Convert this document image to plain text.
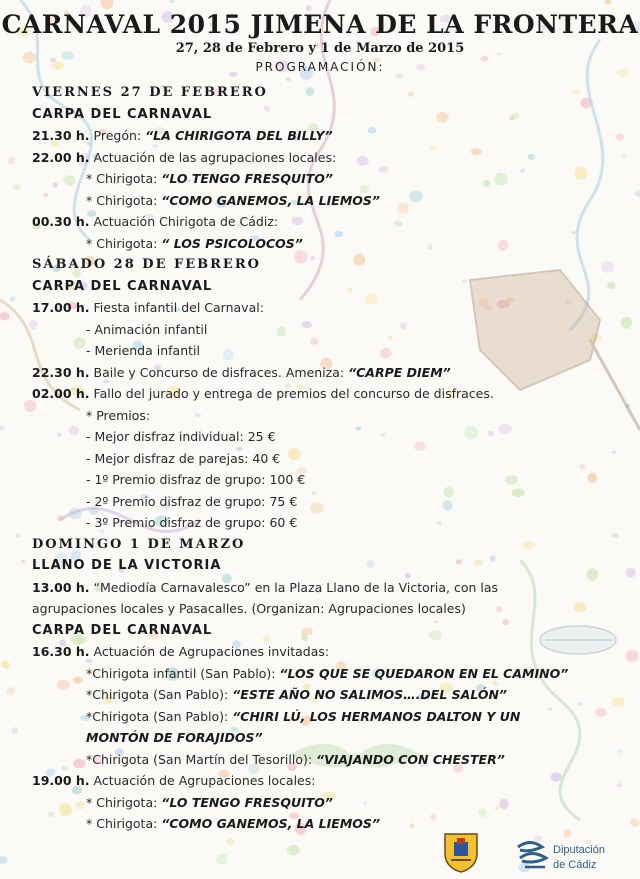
CARNAVAL 2015 JIMENA DE LA FRONTERA
27, 28 de Febrero y 1 de Marzo de 2015
PROGRAMACIÓN:
VIERNES 27 DE FEBRERO
CARPA DEL CARNAVAL
21.30 h. Pregón: “LA CHIRIGOTA DEL BILLY”
22.00 h. Actuación de las agrupaciones locales:
* Chirigota: “LO TENGO FRESQUITO”
* Chirigota: “COMO GANEMOS, LA LIEMOS”
00.30 h. Actuación Chirigota de Cádiz:
* Chirigota: “ LOS PSICOLOCOS”
SÁBADO 28 DE FEBRERO
CARPA DEL CARNAVAL
17.00 h. Fiesta infantil del Carnaval:
- Animación infantil
- Merienda infantil
22.30 h. Baile y Concurso de disfraces. Ameniza: “CARPE DIEM”
02.00 h. Fallo del jurado y entrega de premios del concurso de disfraces.
* Premios:
- Mejor disfraz individual: 25 €
- Mejor disfraz de parejas: 40 €
- 1º Premio disfraz de grupo: 100 €
- 2º Premio disfraz de grupo: 75 €
- 3º Premio disfraz de grupo: 60 €
DOMINGO 1 DE MARZO
LLANO DE LA VICTORIA
13.00 h. “Mediodía Carnavalesco” en la Plaza Llano de la Victoria, con las
agrupaciones locales y Pasacalles. (Organizan: Agrupaciones locales)
CARPA DEL CARNAVAL
16.30 h. Actuación de Agrupaciones invitadas:
*Chirigota infantil (San Pablo): “LOS QUE SE QUEDARON EN EL CAMINO”
*Chirigota (San Pablo): “ESTE AÑO NO SALIMOS….DEL SALÓN”
*Chirigota (San Pablo): “CHIRI LÚ, LOS HERMANOS DALTON Y UN
MONTÓN DE FORAJIDOS”
*Chirigota (San Martín del Tesorillo): “VIAJANDO CON CHESTER”
19.00 h. Actuación de Agrupaciones locales:
* Chirigota: “LO TENGO FRESQUITO”
* Chirigota: “COMO GANEMOS, LA LIEMOS”
Diputación
de Cádiz
